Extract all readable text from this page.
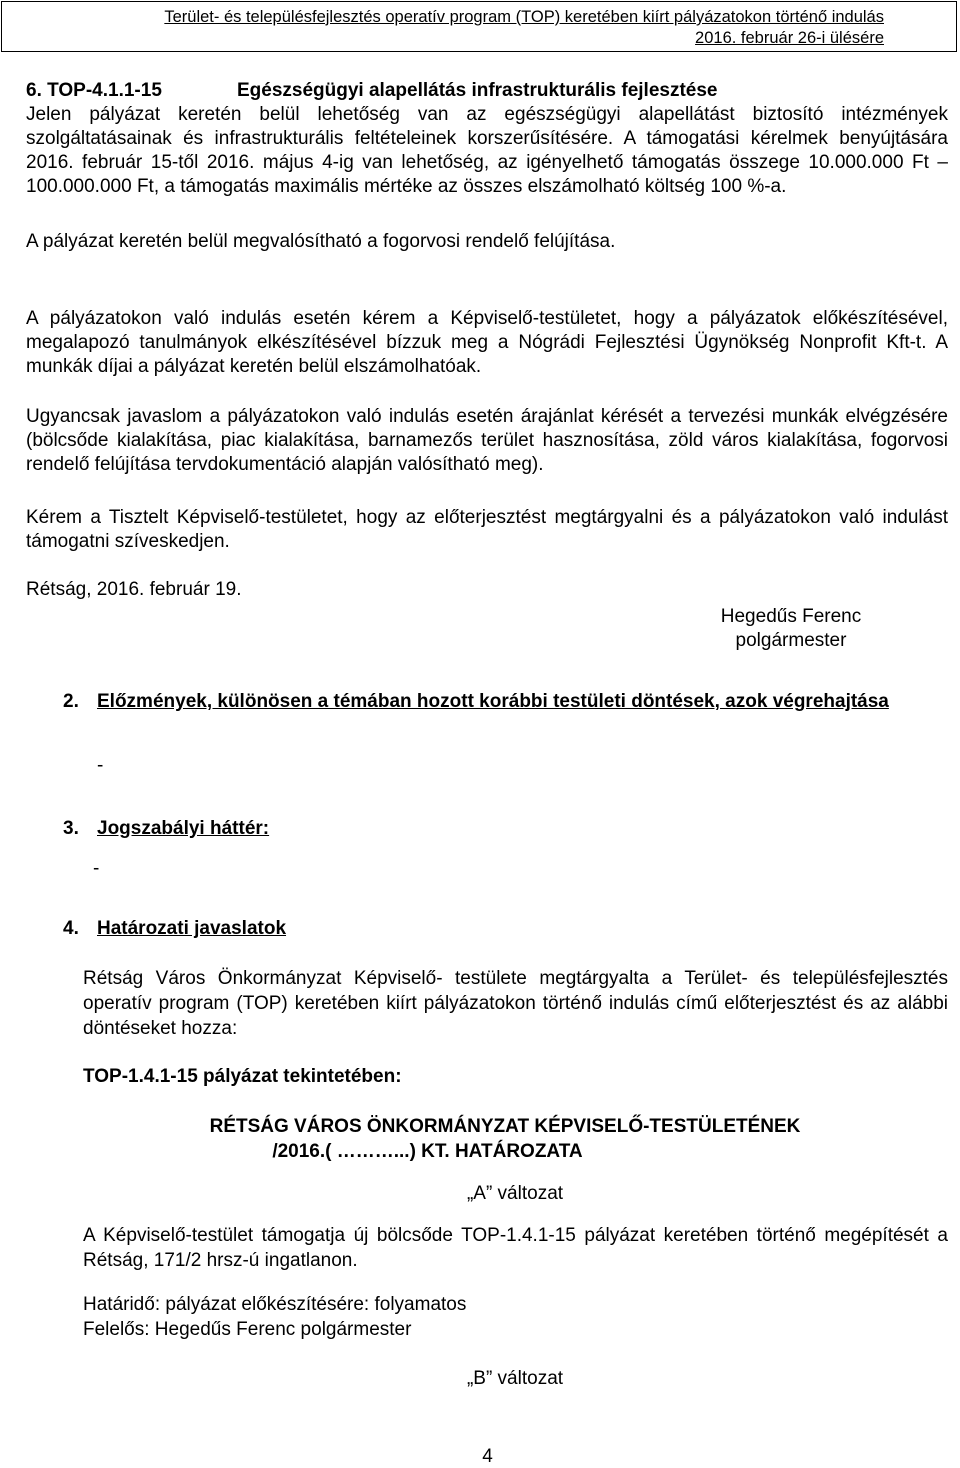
Terület- és településfejlesztés operatív program (TOP) keretében kiírt pályázatokon történő indulás
2016. február 26-i ülésére
6. TOP-4.1.1-15	Egészségügyi alapellátás infrastrukturális fejlesztése

Jelen pályázat keretén belül lehetőség van az egészségügyi alapellátást biztosító intézmények szolgáltatásainak és infrastrukturális feltételeinek korszerűsítésére. A támogatási kérelmek benyújtására 2016. február 15-től 2016. május 4-ig van lehetőség, az igényelhető támogatás összege 10.000.000 Ft – 100.000.000 Ft, a támogatás maximális mértéke az összes elszámolható költség 100 %-a.

A pályázat keretén belül megvalósítható a fogorvosi rendelő felújítása.

A pályázatokon való indulás esetén kérem a Képviselő-testületet, hogy a pályázatok előkészítésével, megalapozó tanulmányok elkészítésével bízzuk meg a Nógrádi Fejlesztési Ügynökség Nonprofit Kft-t. A munkák díjai a pályázat keretén belül elszámolhatóak.

Ugyancsak javaslom a pályázatokon való indulás esetén árajánlat kérését a tervezési munkák elvégzésére (bölcsőde kialakítása, piac kialakítása, barnamezős terület hasznosítása, zöld város kialakítása, fogorvosi rendelő felújítása tervdokumentáció alapján valósítható meg).

Kérem a Tisztelt Képviselő-testületet, hogy az előterjesztést megtárgyalni és a pályázatokon való indulást támogatni szíveskedjen.

Rétság, 2016. február 19.

Hegedűs Ferenc
polgármester
2. Előzmények, különösen a témában hozott korábbi testületi döntések, azok végrehajtása

-

3. Jogszabályi háttér:

-

4. Határozati javaslatok

Rétság Város Önkormányzat Képviselő- testülete megtárgyalta a Terület- és településfejlesztés operatív program (TOP) keretében kiírt pályázatokon történő indulás című előterjesztést és az alábbi döntéseket hozza:

TOP-1.4.1-15 pályázat tekintetében:

RÉTSÁG VÁROS ÖNKORMÁNYZAT KÉPVISELŐ-TESTÜLETÉNEK
/2016.( ………...) KT. HATÁROZATA

„A” változat

A Képviselő-testület támogatja új bölcsőde TOP-1.4.1-15 pályázat keretében történő megépítését a Rétság, 171/2 hrsz-ú ingatlanon.

Határidő: pályázat előkészítésére: folyamatos

Felelős: Hegedűs Ferenc polgármester

„B” változat

4
